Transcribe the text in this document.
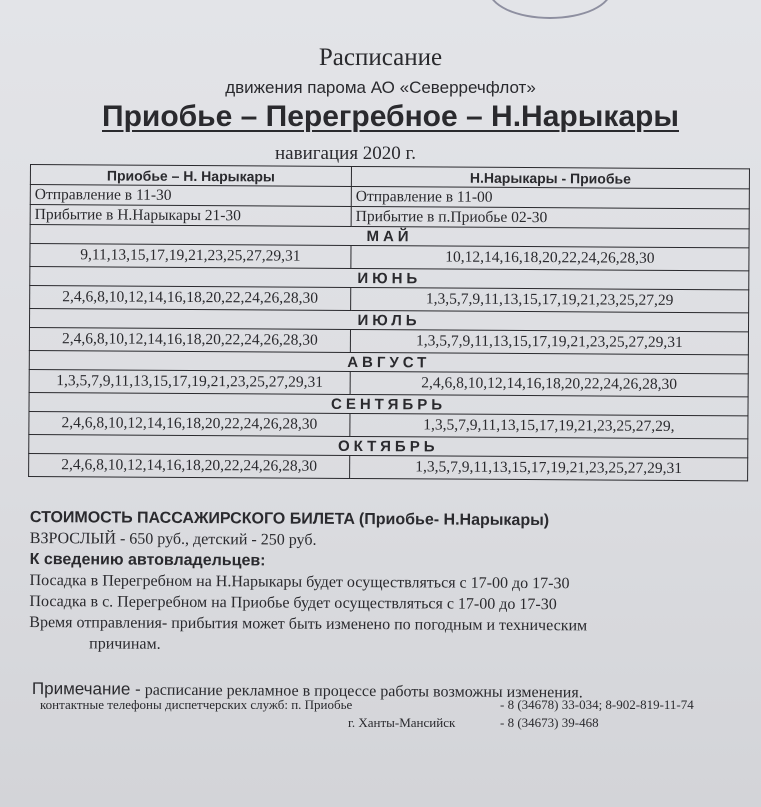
Расписание
движения парома АО «Северречфлот»
Приобье – Перегребное – Н.Нарыкары
навигация 2020 г.
Приобье – Н. Нарыкары	Н.Нарыкары - Приобье
Отправление в 11-30	Отправление в 11-00
Прибытие в Н.Нарыкары 21-30	Прибытие в п.Приобье 02-30
МАЙ	
9,11,13,15,17,19,21,23,25,27,29,31	10,12,14,16,18,20,22,24,26,28,30
ИЮНЬ	
2,4,6,8,10,12,14,16,18,20,22,24,26,28,30	1,3,5,7,9,11,13,15,17,19,21,23,25,27,29
ИЮЛЬ	
2,4,6,8,10,12,14,16,18,20,22,24,26,28,30	1,3,5,7,9,11,13,15,17,19,21,23,25,27,29,31
АВГУСТ	
1,3,5,7,9,11,13,15,17,19,21,23,25,27,29,31	2,4,6,8,10,12,14,16,18,20,22,24,26,28,30
СЕНТЯБРЬ	
2,4,6,8,10,12,14,16,18,20,22,24,26,28,30	1,3,5,7,9,11,13,15,17,19,21,23,25,27,29,
ОКТЯБРЬ	
2,4,6,8,10,12,14,16,18,20,22,24,26,28,30	1,3,5,7,9,11,13,15,17,19,21,23,25,27,29,31
СТОИМОСТЬ ПАССАЖИРСКОГО БИЛЕТА (Приобье- Н.Нарыкары)
ВЗРОСЛЫЙ - 650 руб., детский - 250 руб.
К сведению автовладельцев:
Посадка в Перегребном на Н.Нарыкары будет осуществляться с 17-00 до 17-30
Посадка в с. Перегребном на Приобье будет осуществляться с 17-00 до 17-30
Время отправления- прибытия может быть изменено по погодным и техническим
причинам.
Примечание - расписание рекламное в процессе работы возможны изменения.
контактные телефоны диспетчерских служб: п. Приобье	- 8 (34678) 33-034; 8-902-819-11-74
г. Ханты-Мансийск	- 8 (34673) 39-468
